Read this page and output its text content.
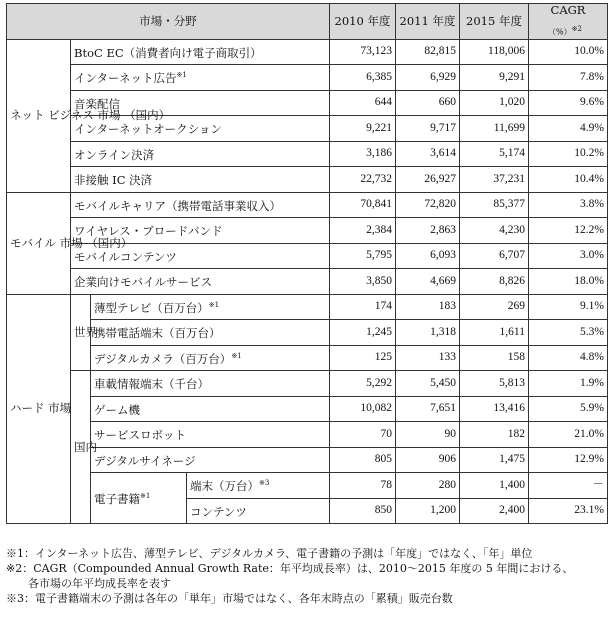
市場・分野				2010 年度	2011 年度	2015 年度	CAGR
（%）$^{※2}$

ネット ビジネス 市場 （国内）	BtoC EC（消費者向け電子商取引）			73,123	82,815	118,006	10.0%
	インターネット広告$^{※1}$			6,385	6,929	9,291	7.8%
	音楽配信			644	660	1,020	9.6%
	インターネットオークション			9,221	9,717	11,699	4.9%
	オンライン決済			3,186	3,614	5,174	10.2%
	非接触 IC 決済			22,732	26,927	37,231	10.4%
モバイル 市場 （国内）	モバイルキャリア（携帯電話事業収入）			70,841	72,820	85,377	3.8%
	ワイヤレス・ブロードバンド			2,384	2,863	4,230	12.2%
	モバイルコンテンツ			5,795	6,093	6,707	3.0%
	企業向けモバイルサービス			3,850	4,669	8,826	18.0%
ハード 市場	世界	薄型テレビ（百万台）$^{※1}$		174	183	269	9.1%
		携帯電話端末（百万台）		1,245	1,318	1,611	5.3%
		デジタルカメラ（百万台）$^{※1}$		125	133	158	4.8%
	国内	車載情報端末（千台）		5,292	5,450	5,813	1.9%
		ゲーム機		10,082	7,651	13,416	5.9%
		サービスロボット		70	90	182	21.0%
		デジタルサイネージ		805	906	1,475	12.9%
		電子書籍$^{※1}$	端末（万台）$^{※3}$	78	280	1,400	－
			コンテンツ	850	1,200	2,400	23.1%
※1：インターネット広告、薄型テレビ、デジタルカメラ、電子書籍の予測は「年度」ではなく、「年」単位
※2：CAGR（Compounded Annual Growth Rate：年平均成長率）は、2010～2015 年度の 5 年間における、
　　各市場の年平均成長率を表す
※3：電子書籍端末の予測は各年の「単年」市場ではなく、各年末時点の「累積」販売台数
